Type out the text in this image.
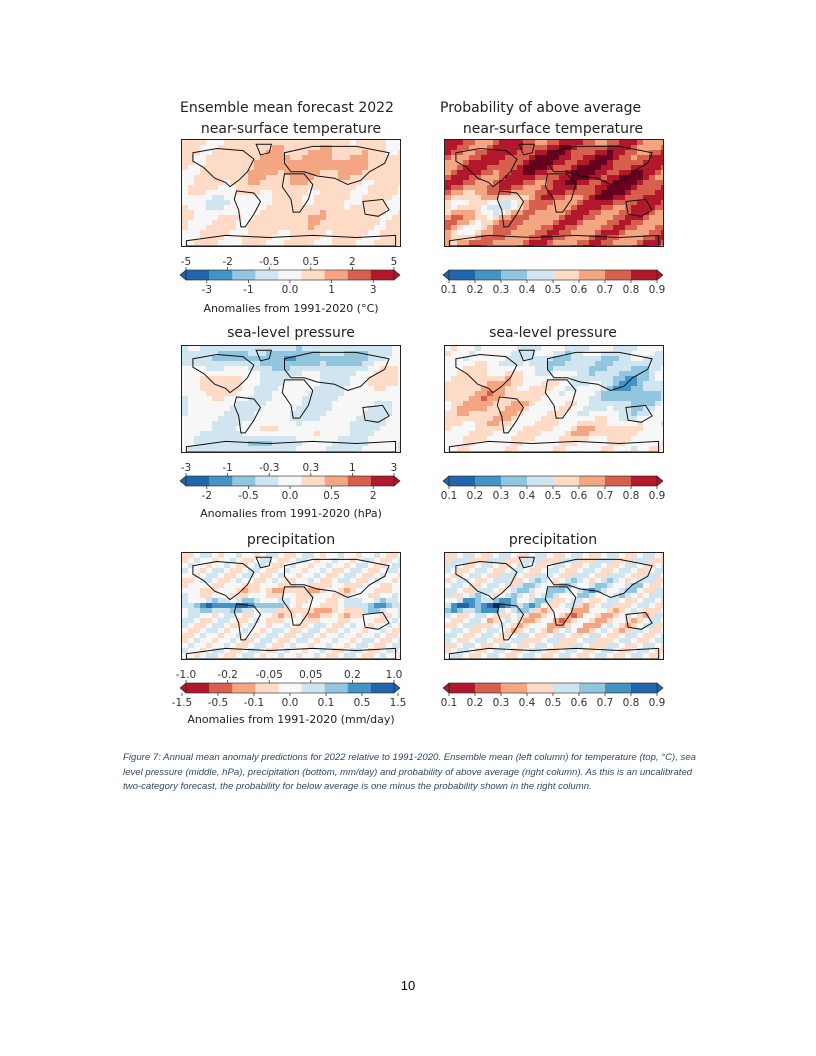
Ensemble mean forecast 2022	Probability of above average
near-surface temperature	near-surface temperature
sea-level pressure	sea-level pressure
precipitation	precipitation
-5	-2 -0.5 0.5	2	5
-3	-1	0.0	1	3	0.1 0.2 0.3 0.4 0.5 0.6 0.7 0.8 0.9
-3	-1 -0.3 0.3	1	3
-2 -0.5 0.0 0.5	2	0.1 0.2 0.3 0.4 0.5 0.6 0.7 0.8 0.9
-1.0 -0.2 -0.05 0.05 0.2 1.0
-1.5 -0.5 -0.1 0.0 0.1 0.5 1.5	0.1 0.2 0.3 0.4 0.5 0.6 0.7 0.8 0.9
Anomalies from 1991-2020 (°C)
Anomalies from 1991-2020 (hPa)
Anomalies from 1991-2020 (mm/day)
Figure 7: Annual mean anomaly predictions for 2022 relative to 1991-2020. Ensemble mean (left column) for temperature (top, °C), sea level pressure (middle, hPa), precipitation (bottom, mm/day) and probability of above average (right column). As this is an uncalibrated two-category forecast, the probability for below average is one minus the probability shown in the right column.
10
